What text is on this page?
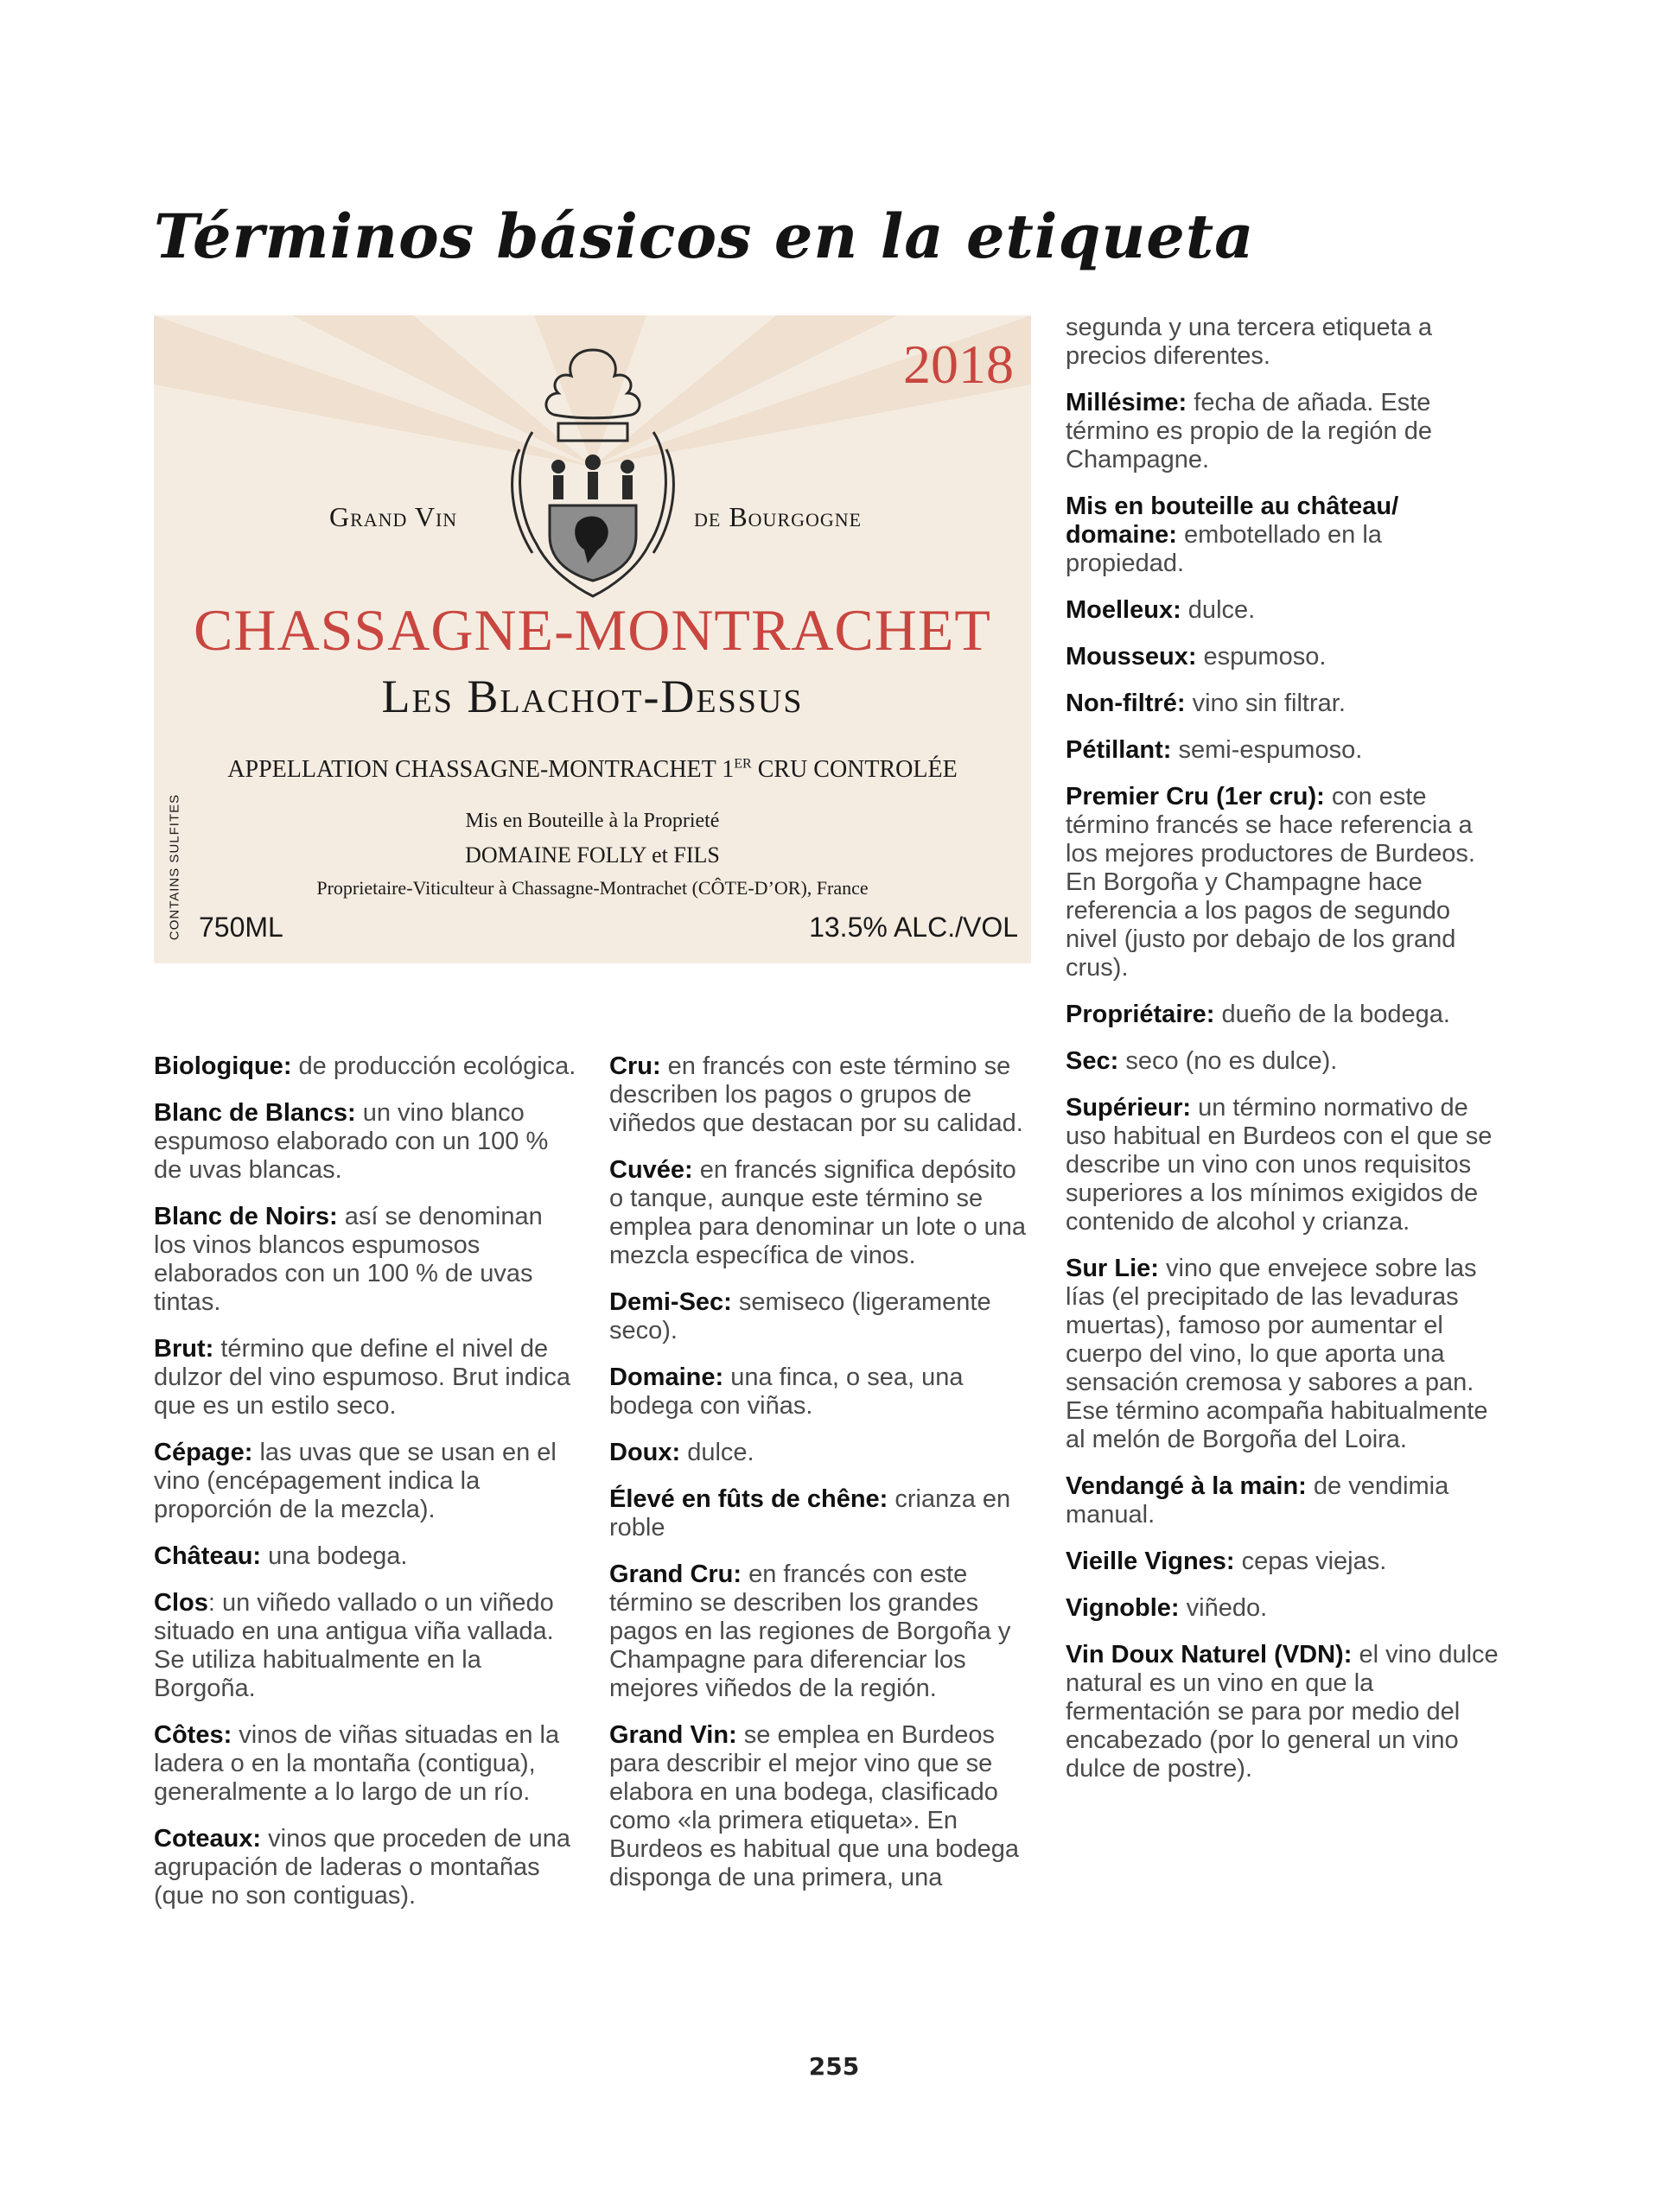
Términos básicos en la etiqueta
2018
Grand Vin	de Bourgogne
CHASSAGNE-MONTRACHET
Les Blachot-Dessus
APPELLATION CHASSAGNE-MONTRACHET 1ER CRU CONTROLÉE
Mis en Bouteille à la Proprieté
DOMAINE FOLLY et FILS
Proprietaire-Viticulteur à Chassagne-Montrachet (CÔTE-D’OR), France
750ML	13.5% ALC./VOL
CONTAINS SULFITES

Biologique: de producción ecológica.

Blanc de Blancs: un vino blanco espumoso elaborado con un 100 % de uvas blancas.

Blanc de Noirs: así se denominan los vinos blancos espumosos elaborados con un 100 % de uvas tintas.

Brut: término que define el nivel de dulzor del vino espumoso. Brut indica que es un estilo seco.

Cépage: las uvas que se usan en el vino (encépagement indica la proporción de la mezcla).

Château: una bodega.

Clos: un viñedo vallado o un viñedo situado en una antigua viña vallada. Se utiliza habitualmente en la Borgoña.

Côtes: vinos de viñas situadas en la ladera o en la montaña (contigua), generalmente a lo largo de un río.

Coteaux: vinos que proceden de una agrupación de laderas o montañas (que no son contiguas).

Cru: en francés con este término se describen los pagos o grupos de viñedos que destacan por su calidad.

Cuvée: en francés significa depósito o tanque, aunque este término se emplea para denominar un lote o una mezcla específica de vinos.

Demi-Sec: semiseco (ligeramente seco).

Domaine: una finca, o sea, una bodega con viñas.

Doux: dulce.

Élevé en fûts de chêne: crianza en roble

Grand Cru: en francés con este término se describen los grandes pagos en las regiones de Borgoña y Champagne para diferenciar los mejores viñedos de la región.

Grand Vin: se emplea en Burdeos para describir el mejor vino que se elabora en una bodega, clasificado como «la primera etiqueta». En Burdeos es habitual que una bodega disponga de una primera, una

segunda y una tercera etiqueta a precios diferentes.

Millésime: fecha de añada. Este término es propio de la región de Champagne.

Mis en bouteille au château/ domaine: embotellado en la propiedad.

Moelleux: dulce.

Mousseux: espumoso.

Non-filtré: vino sin filtrar.

Pétillant: semi-espumoso.

Premier Cru (1er cru): con este término francés se hace referencia a los mejores productores de Burdeos. En Borgoña y Champagne hace referencia a los pagos de segundo nivel (justo por debajo de los grand crus).

Propriétaire: dueño de la bodega.

Sec: seco (no es dulce).

Supérieur: un término normativo de uso habitual en Burdeos con el que se describe un vino con unos requisitos superiores a los mínimos exigidos de contenido de alcohol y crianza.

Sur Lie: vino que envejece sobre las lías (el precipitado de las levaduras muertas), famoso por aumentar el cuerpo del vino, lo que aporta una sensación cremosa y sabores a pan. Ese término acompaña habitualmente al melón de Borgoña del Loira.

Vendangé à la main: de vendimia manual.

Vieille Vignes: cepas viejas.

Vignoble: viñedo.

Vin Doux Naturel (VDN): el vino dulce natural es un vino en que la fermentación se para por medio del encabezado (por lo general un vino dulce de postre).

255
